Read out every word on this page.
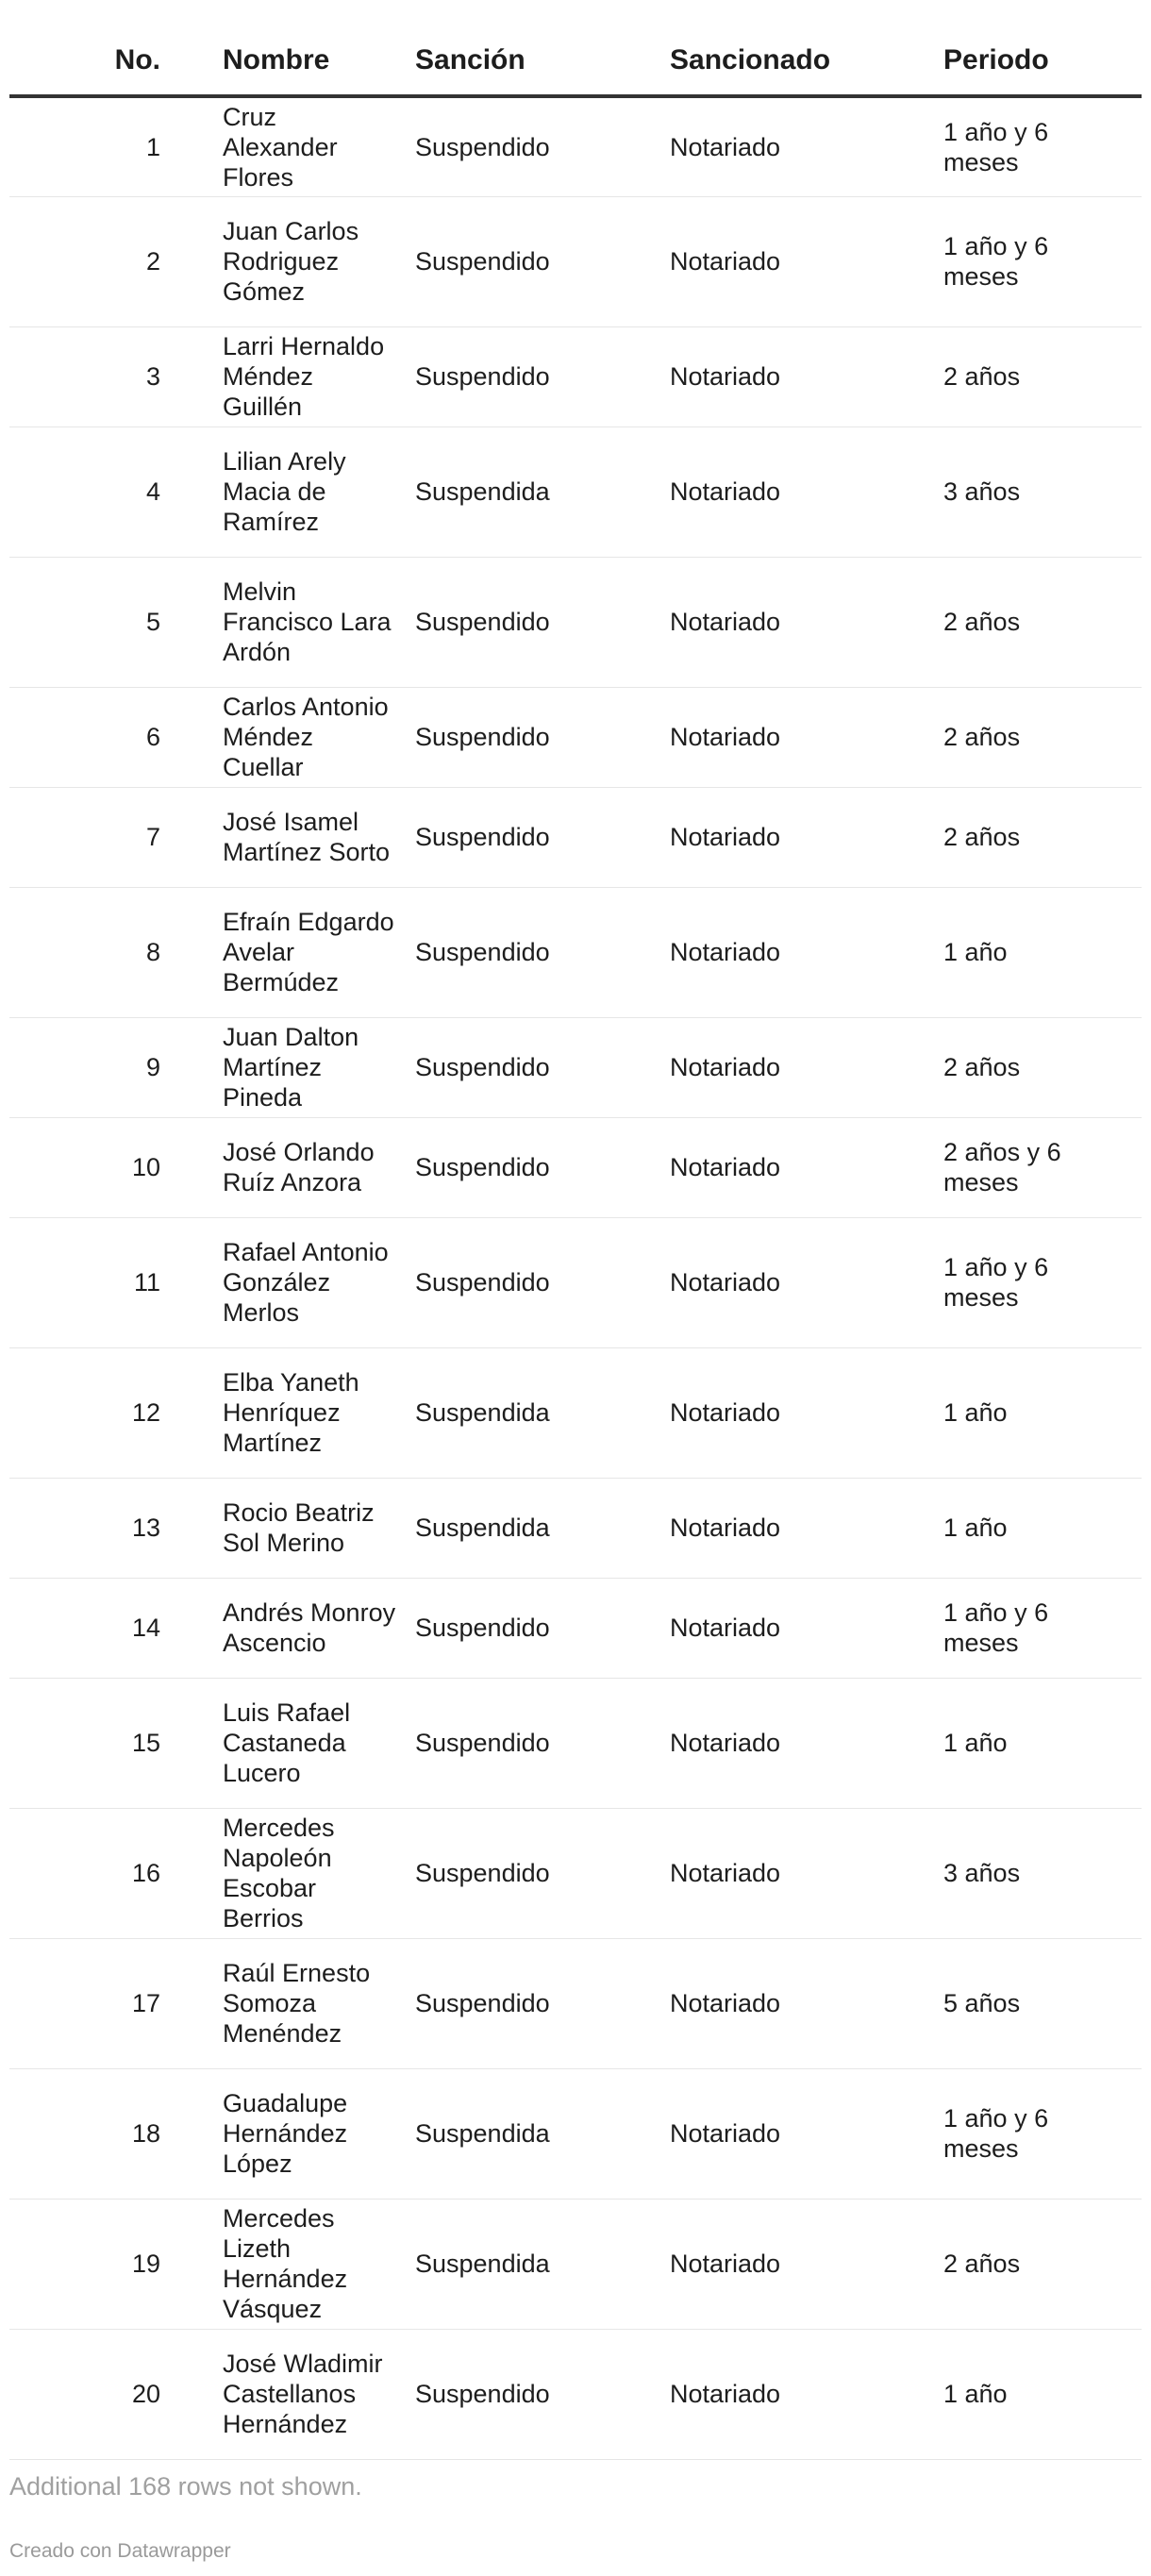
No.	Nombre	Sanción	Sancionado	Periodo
1	Cruz Alexander Flores	Suspendido	Notariado	1 año y 6 meses
2	Juan Carlos Rodriguez Gómez	Suspendido	Notariado	1 año y 6 meses
3	Larri Hernaldo Méndez Guillén	Suspendido	Notariado	2 años
4	Lilian Arely Macia de Ramírez	Suspendida	Notariado	3 años
5	Melvin Francisco Lara Ardón	Suspendido	Notariado	2 años
6	Carlos Antonio Méndez Cuellar	Suspendido	Notariado	2 años
7	José Isamel Martínez Sorto	Suspendido	Notariado	2 años
8	Efraín Edgardo Avelar Bermúdez	Suspendido	Notariado	1 año
9	Juan Dalton Martínez Pineda	Suspendido	Notariado	2 años
10	José Orlando Ruíz Anzora	Suspendido	Notariado	2 años y 6 meses
11	Rafael Antonio González Merlos	Suspendido	Notariado	1 año y 6 meses
12	Elba Yaneth Henríquez Martínez	Suspendida	Notariado	1 año
13	Rocio Beatriz Sol Merino	Suspendida	Notariado	1 año
14	Andrés Monroy Ascencio	Suspendido	Notariado	1 año y 6 meses
15	Luis Rafael Castaneda Lucero	Suspendido	Notariado	1 año
16	Mercedes Napoleón Escobar Berrios	Suspendido	Notariado	3 años
17	Raúl Ernesto Somoza Menéndez	Suspendido	Notariado	5 años
18	Guadalupe Hernández López	Suspendida	Notariado	1 año y 6 meses
19	Mercedes Lizeth Hernández Vásquez	Suspendida	Notariado	2 años
20	José Wladimir Castellanos Hernández	Suspendido	Notariado	1 año
Additional 168 rows not shown.
Creado con Datawrapper
